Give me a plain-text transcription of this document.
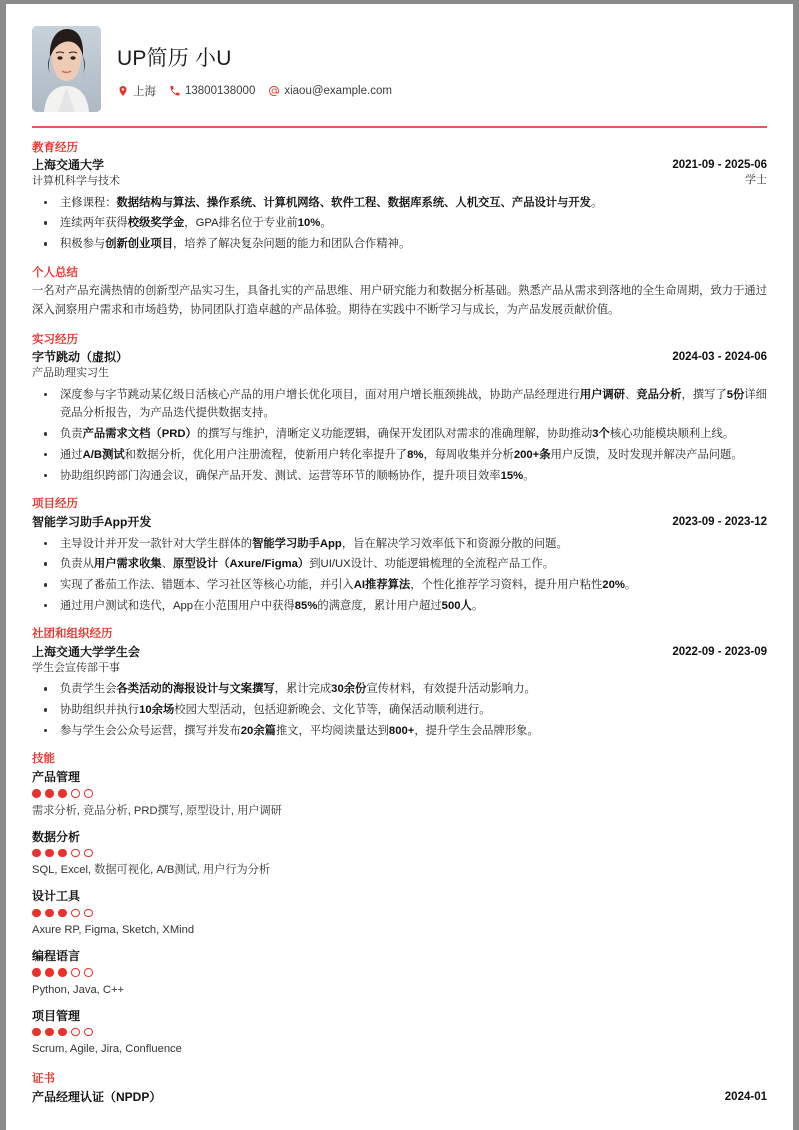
UP简历 小U
上海	13800138000	xiaou@example.com
教育经历
上海交通大学
计算机科学与技术
2021-09 - 2025-06
学士
主修课程：数据结构与算法、操作系统、计算机网络、软件工程、数据库系统、人机交互、产品设计与开发。
连续两年获得校级奖学金，GPA排名位于专业前10%。
积极参与创新创业项目，培养了解决复杂问题的能力和团队合作精神。
个人总结
一名对产品充满热情的创新型产品实习生，具备扎实的产品思维、用户研究能力和数据分析基础。熟悉产品从需求到落地的全生命周期，致力于通过深入洞察用户需求和市场趋势，协同团队打造卓越的产品体验。期待在实践中不断学习与成长，为产品发展贡献价值。
实习经历
字节跳动（虚拟）
产品助理实习生
2024-03 - 2024-06
深度参与字节跳动某亿级日活核心产品的用户增长优化项目，面对用户增长瓶颈挑战，协助产品经理进行用户调研、竞品分析，撰写了5份详细竞品分析报告，为产品迭代提供数据支持。
负责产品需求文档（PRD）的撰写与维护，清晰定义功能逻辑，确保开发团队对需求的准确理解，协助推动3个核心功能模块顺利上线。
通过A/B测试和数据分析，优化用户注册流程，使新用户转化率提升了8%，每周收集并分析200+条用户反馈，及时发现并解决产品问题。
协助组织跨部门沟通会议，确保产品开发、测试、运营等环节的顺畅协作，提升项目效率15%。
项目经历
智能学习助手App开发	2023-09 - 2023-12
主导设计并开发一款针对大学生群体的智能学习助手App，旨在解决学习效率低下和资源分散的问题。
负责从用户需求收集、原型设计（Axure/Figma）到UI/UX设计、功能逻辑梳理的全流程产品工作。
实现了番茄工作法、错题本、学习社区等核心功能，并引入AI推荐算法，个性化推荐学习资料，提升用户粘性20%。
通过用户测试和迭代，App在小范围用户中获得85%的满意度，累计用户超过500人。
社团和组织经历
上海交通大学学生会
学生会宣传部干事
2022-09 - 2023-09
负责学生会各类活动的海报设计与文案撰写，累计完成30余份宣传材料，有效提升活动影响力。
协助组织并执行10余场校园大型活动，包括迎新晚会、文化节等，确保活动顺利进行。
参与学生会公众号运营，撰写并发布20余篇推文，平均阅读量达到800+，提升学生会品牌形象。
技能
产品管理
需求分析, 竞品分析, PRD撰写, 原型设计, 用户调研
数据分析
SQL, Excel, 数据可视化, A/B测试, 用户行为分析
设计工具
Axure RP, Figma, Sketch, XMind
编程语言
Python, Java, C++
项目管理
Scrum, Agile, Jira, Confluence
证书
产品经理认证（NPDP）	2024-01
